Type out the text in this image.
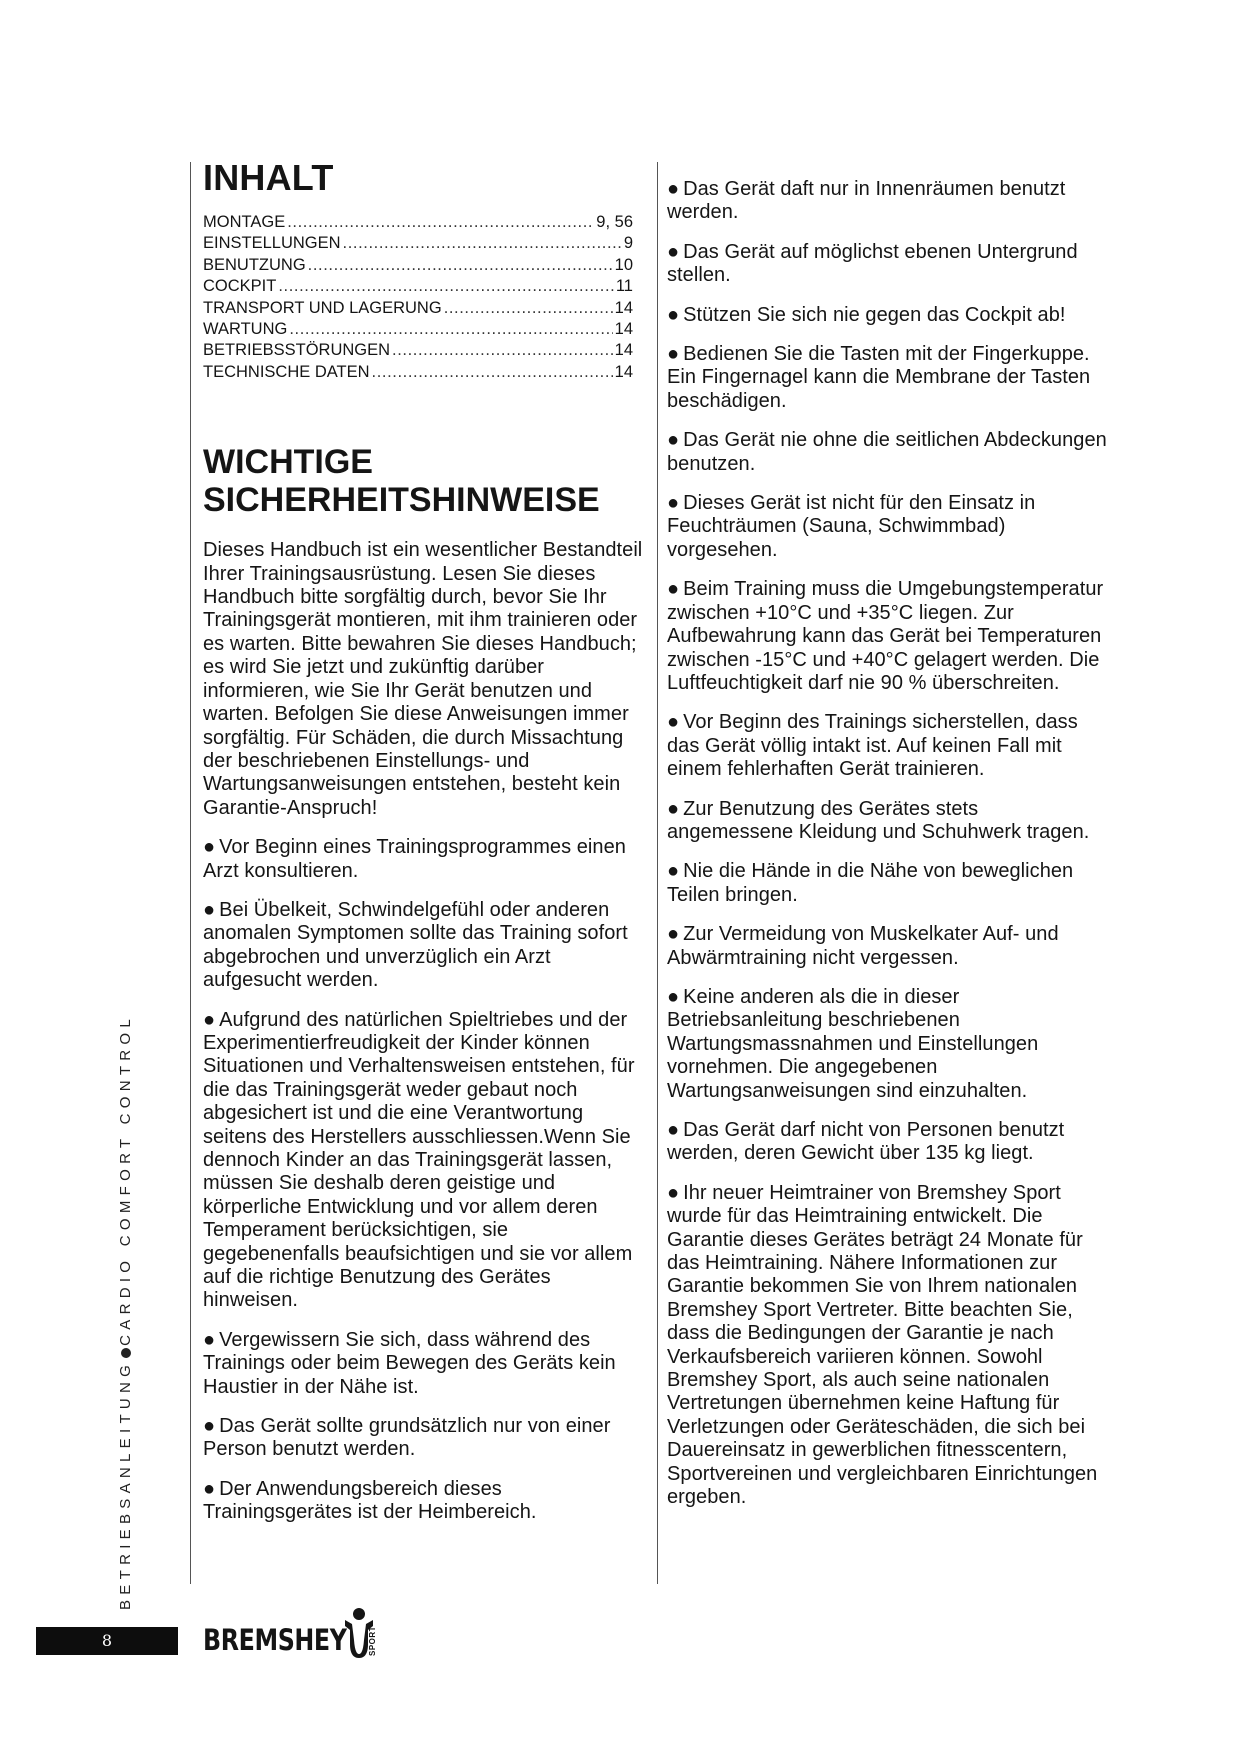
INHALT
MONTAGE .....	9, 56
EINSTELLUNGEN .....	9
BENUTZUNG .....	10
COCKPIT .....	11
TRANSPORT UND LAGERUNG .....	14
WARTUNG .....	14
BETRIEBSSTÖRUNGEN .....	14
TECHNISCHE DATEN .....	14
WICHTIGE
SICHERHEITSHINWEISE
Dieses Handbuch ist ein wesentlicher Bestandteil Ihrer Trainingsausrüstung. Lesen Sie dieses Handbuch bitte sorgfältig durch, bevor Sie Ihr Trainingsgerät montieren, mit ihm trainieren oder es warten. Bitte bewahren Sie dieses Handbuch; es wird Sie jetzt und zukünftig darüber informieren, wie Sie Ihr Gerät benutzen und warten. Befolgen Sie diese Anweisungen immer sorgfältig. Für Schäden, die durch Missachtung der beschriebenen Einstellungs- und Wartungsanweisungen entstehen, besteht kein Garantie-Anspruch!
● Vor Beginn eines Trainingsprogrammes einen Arzt konsultieren.
● Bei Übelkeit, Schwindelgefühl oder anderen anomalen Symptomen sollte das Training sofort abgebrochen und unverzüglich ein Arzt aufgesucht werden.
● Aufgrund des natürlichen Spieltriebes und der Experimentierfreudigkeit der Kinder können Situationen und Verhaltensweisen entstehen, für die das Trainingsgerät weder gebaut noch abgesichert ist und die eine Verantwortung seitens des Herstellers ausschliessen.Wenn Sie dennoch Kinder an das Trainingsgerät lassen, müssen Sie deshalb deren geistige und körperliche Entwicklung und vor allem deren Temperament berücksichtigen, sie gegebenenfalls beaufsichtigen und sie vor allem auf die richtige Benutzung des Gerätes hinweisen.
● Vergewissern Sie sich, dass während des Trainings oder beim Bewegen des Geräts kein Haustier in der Nähe ist.
● Das Gerät sollte grundsätzlich nur von einer Person benutzt werden.
● Der Anwendungsbereich dieses Trainingsgerätes ist der Heimbereich.
● Das Gerät daft nur in Innenräumen benutzt werden.
● Das Gerät auf möglichst ebenen Untergrund stellen.
● Stützen Sie sich nie gegen das Cockpit ab!
● Bedienen Sie die Tasten mit der Fingerkuppe. Ein Fingernagel kann die Membrane der Tasten beschädigen.
● Das Gerät nie ohne die seitlichen Abdeckungen benutzen.
● Dieses Gerät ist nicht für den Einsatz in Feuchträumen (Sauna, Schwimmbad) vorgesehen.
● Beim Training muss die Umgebungstemperatur zwischen +10°C und +35°C liegen. Zur Aufbewahrung kann das Gerät bei Temperaturen zwischen -15°C und +40°C gelagert werden. Die Luftfeuchtigkeit darf nie 90 % überschreiten.
● Vor Beginn des Trainings sicherstellen, dass das Gerät völlig intakt ist. Auf keinen Fall mit einem fehlerhaften Gerät trainieren.
● Zur Benutzung des Gerätes stets angemessene Kleidung und Schuhwerk tragen.
● Nie die Hände in die Nähe von beweglichen Teilen bringen.
● Zur Vermeidung von Muskelkater Auf- und Abwärmtraining nicht vergessen.
● Keine anderen als die in dieser Betriebsanleitung beschriebenen Wartungsmassnahmen und Einstellungen vornehmen. Die angegebenen Wartungsanweisungen sind einzuhalten.
● Das Gerät darf nicht von Personen benutzt werden, deren Gewicht über 135 kg liegt.
● Ihr neuer Heimtrainer von Bremshey Sport wurde für das Heimtraining entwickelt. Die Garantie dieses Gerätes beträgt 24 Monate für das Heimtraining. Nähere Informationen zur Garantie bekommen Sie von Ihrem nationalen Bremshey Sport Vertreter. Bitte beachten Sie, dass die Bedingungen der Garantie je nach Verkaufsbereich variieren können. Sowohl Bremshey Sport, als auch seine nationalen Vertretungen übernehmen keine Haftung für Verletzungen oder Geräteschäden, die sich bei Dauereinsatz in gewerblichen fitnesscentern, Sportvereinen und vergleichbaren Einrichtungen ergeben.
BETRIEBSANLEITUNGCARDIO COMFORT CONTROL
8	BREMSHEY	SPORT
